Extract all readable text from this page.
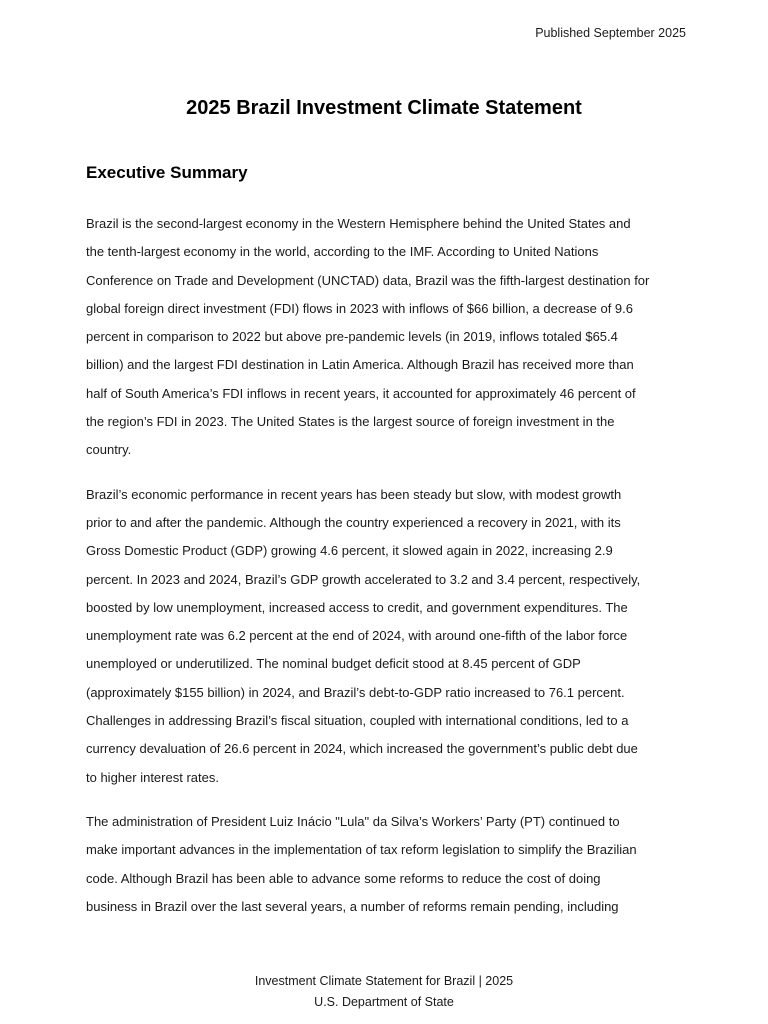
Published September 2025
2025 Brazil Investment Climate Statement
Executive Summary

Brazil is the second-largest economy in the Western Hemisphere behind the United States and
the tenth-largest economy in the world, according to the IMF. According to United Nations
Conference on Trade and Development (UNCTAD) data, Brazil was the fifth-largest destination for
global foreign direct investment (FDI) flows in 2023 with inflows of $66 billion, a decrease of 9.6
percent in comparison to 2022 but above pre-pandemic levels (in 2019, inflows totaled $65.4
billion) and the largest FDI destination in Latin America. Although Brazil has received more than
half of South America’s FDI inflows in recent years, it accounted for approximately 46 percent of
the region’s FDI in 2023. The United States is the largest source of foreign investment in the
country.

Brazil’s economic performance in recent years has been steady but slow, with modest growth
prior to and after the pandemic. Although the country experienced a recovery in 2021, with its
Gross Domestic Product (GDP) growing 4.6 percent, it slowed again in 2022, increasing 2.9
percent. In 2023 and 2024, Brazil’s GDP growth accelerated to 3.2 and 3.4 percent, respectively,
boosted by low unemployment, increased access to credit, and government expenditures. The
unemployment rate was 6.2 percent at the end of 2024, with around one-fifth of the labor force
unemployed or underutilized. The nominal budget deficit stood at 8.45 percent of GDP
(approximately $155 billion) in 2024, and Brazil’s debt-to-GDP ratio increased to 76.1 percent.
Challenges in addressing Brazil’s fiscal situation, coupled with international conditions, led to a
currency devaluation of 26.6 percent in 2024, which increased the government’s public debt due
to higher interest rates.

The administration of President Luiz Inácio "Lula" da Silva’s Workers’ Party (PT) continued to
make important advances in the implementation of tax reform legislation to simplify the Brazilian
code. Although Brazil has been able to advance some reforms to reduce the cost of doing
business in Brazil over the last several years, a number of reforms remain pending, including

Investment Climate Statement for Brazil | 2025
U.S. Department of State
